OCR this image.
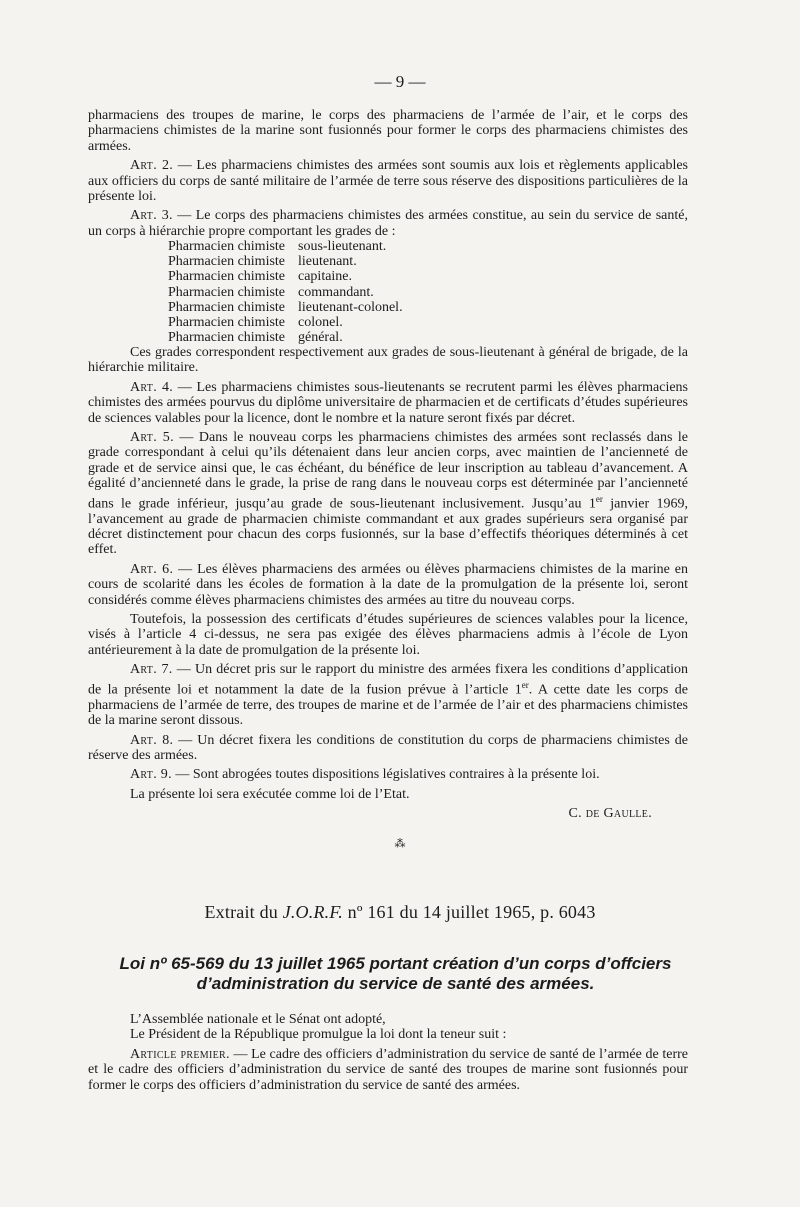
— 9 —

pharmaciens des troupes de marine, le corps des pharmaciens de l’armée de l’air, et le corps des pharmaciens chimistes de la marine sont fusionnés pour former le corps des pharmaciens chimistes des armées.

Art. 2. — Les pharmaciens chimistes des armées sont soumis aux lois et règlements applicables aux officiers du corps de santé militaire de l’armée de terre sous réserve des dispositions particulières de la présente loi.

Art. 3. — Le corps des pharmaciens chimistes des armées constitue, au sein du service de santé, un corps à hiérarchie propre comportant les grades de :

Pharmacien chimiste sous-lieutenant.
Pharmacien chimiste lieutenant.
Pharmacien chimiste capitaine.
Pharmacien chimiste commandant.
Pharmacien chimiste lieutenant-colonel.
Pharmacien chimiste colonel.
Pharmacien chimiste général.

Ces grades correspondent respectivement aux grades de sous-lieutenant à général de brigade, de la hiérarchie militaire.

Art. 4. — Les pharmaciens chimistes sous-lieutenants se recrutent parmi les élèves pharmaciens chimistes des armées pourvus du diplôme universitaire de pharmacien et de certificats d’études supérieures de sciences valables pour la licence, dont le nombre et la nature seront fixés par décret.

Art. 5. — Dans le nouveau corps les pharmaciens chimistes des armées sont reclassés dans le grade correspondant à celui qu’ils détenaient dans leur ancien corps, avec maintien de l’ancienneté de grade et de service ainsi que, le cas échéant, du bénéfice de leur inscription au tableau d’avancement. A égalité d’ancienneté dans le grade, la prise de rang dans le nouveau corps est déterminée par l’ancienneté dans le grade inférieur, jusqu’au grade de sous-lieutenant inclusivement. Jusqu’au 1er janvier 1969, l’avancement au grade de pharmacien chimiste commandant et aux grades supérieurs sera organisé par décret distinctement pour chacun des corps fusionnés, sur la base d’effectifs théoriques déterminés à cet effet.

Art. 6. — Les élèves pharmaciens des armées ou élèves pharmaciens chimistes de la marine en cours de scolarité dans les écoles de formation à la date de la promulgation de la présente loi, seront considérés comme élèves pharmaciens chimistes des armées au titre du nouveau corps.

Toutefois, la possession des certificats d’études supérieures de sciences valables pour la licence, visés à l’article 4 ci-dessus, ne sera pas exigée des élèves pharmaciens admis à l’école de Lyon antérieurement à la date de promulgation de la présente loi.

Art. 7. — Un décret pris sur le rapport du ministre des armées fixera les conditions d’application de la présente loi et notamment la date de la fusion prévue à l’article 1er. A cette date les corps de pharmaciens de l’armée de terre, des troupes de marine et de l’armée de l’air et des pharmaciens chimistes de la marine seront dissous.

Art. 8. — Un décret fixera les conditions de constitution du corps de pharmaciens chimistes de réserve des armées.

Art. 9. — Sont abrogées toutes dispositions législatives contraires à la présente loi.

La présente loi sera exécutée comme loi de l’Etat.

C. de Gaulle.

⁂
Extrait du J.O.R.F. nº 161 du 14 juillet 1965, p. 6043
Loi nº 65-569 du 13 juillet 1965 portant création d’un corps d’offciers d’administration du service de santé des armées.

L’Assemblée nationale et le Sénat ont adopté,

Le Président de la République promulgue la loi dont la teneur suit :

Article premier. — Le cadre des officiers d’administration du service de santé de l’armée de terre et le cadre des officiers d’administration du service de santé des troupes de marine sont fusionnés pour former le corps des officiers d’administration du service de santé des armées.
